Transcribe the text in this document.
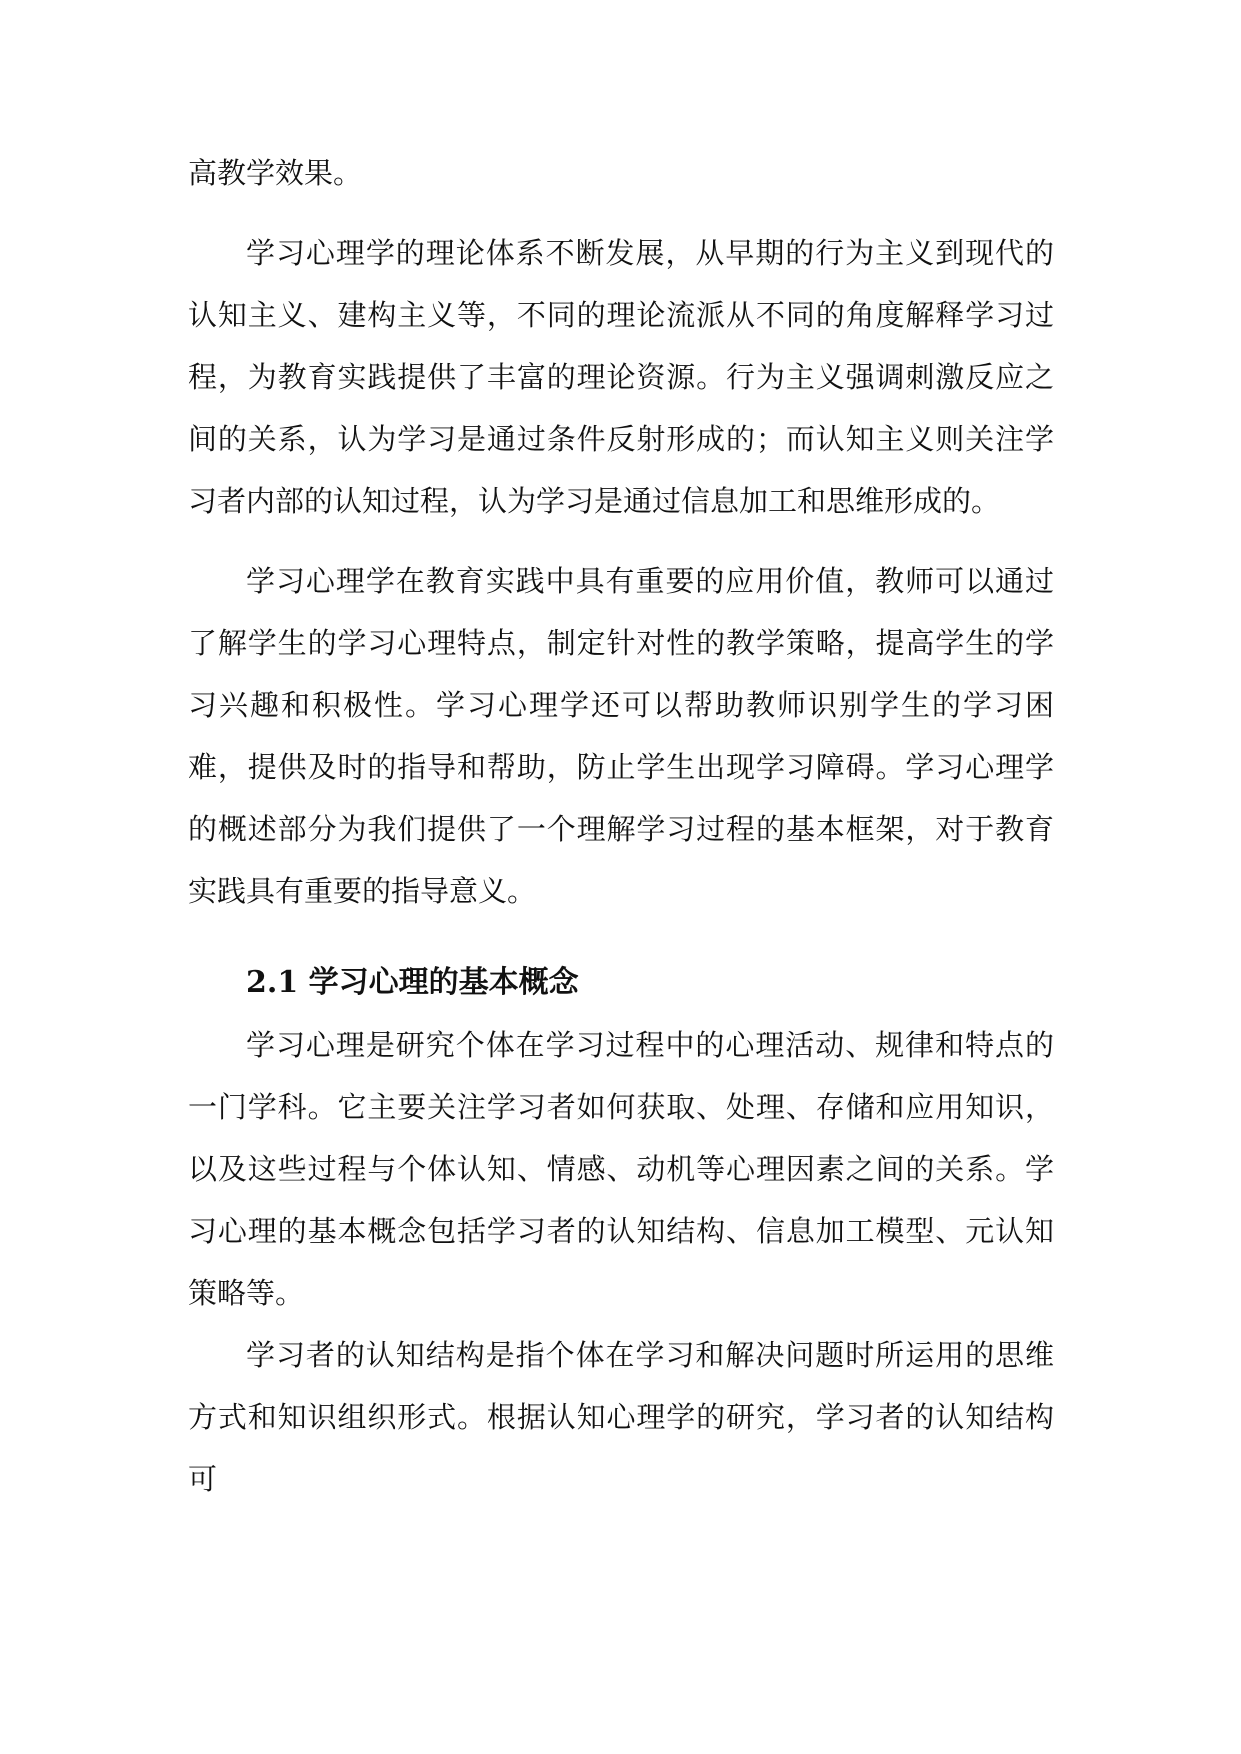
高教学效果。

学习心理学的理论体系不断发展，从早期的行为主义到现代的认知主义、建构主义等，不同的理论流派从不同的角度解释学习过程，为教育实践提供了丰富的理论资源。行为主义强调刺激反应之间的关系，认为学习是通过条件反射形成的；而认知主义则关注学习者内部的认知过程，认为学习是通过信息加工和思维形成的。

学习心理学在教育实践中具有重要的应用价值，教师可以通过了解学生的学习心理特点，制定针对性的教学策略，提高学生的学习兴趣和积极性。学习心理学还可以帮助教师识别学生的学习困难，提供及时的指导和帮助，防止学生出现学习障碍。学习心理学的概述部分为我们提供了一个理解学习过程的基本框架，对于教育实践具有重要的指导意义。

2.1 学习心理的基本概念

学习心理是研究个体在学习过程中的心理活动、规律和特点的一门学科。它主要关注学习者如何获取、处理、存储和应用知识，以及这些过程与个体认知、情感、动机等心理因素之间的关系。学习心理的基本概念包括学习者的认知结构、信息加工模型、元认知策略等。

学习者的认知结构是指个体在学习和解决问题时所运用的思维方式和知识组织形式。根据认知心理学的研究，学习者的认知结构可
